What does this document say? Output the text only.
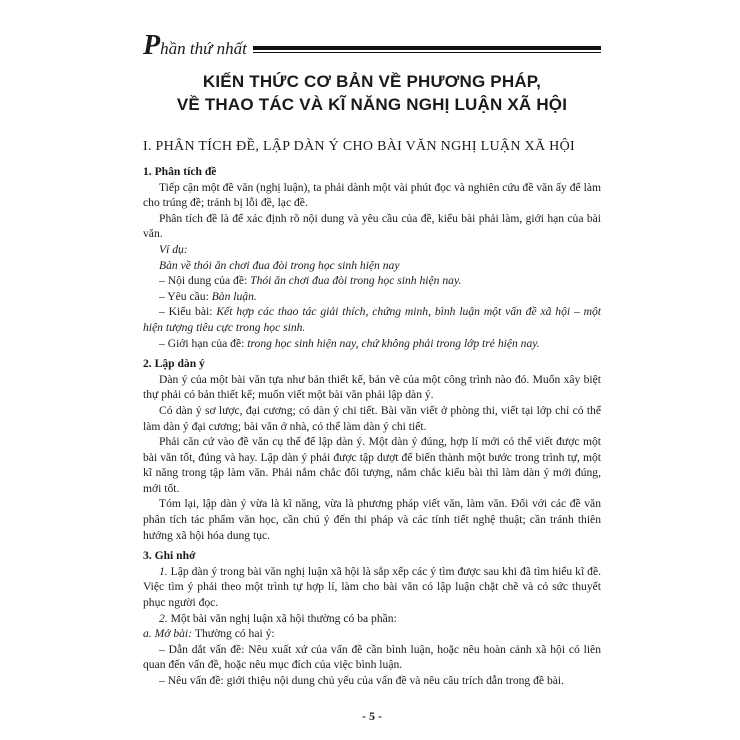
Phần thứ nhất
KIẾN THỨC CƠ BẢN VỀ PHƯƠNG PHÁP,
VỀ THAO TÁC VÀ KĨ NĂNG NGHỊ LUẬN XÃ HỘI
I. PHÂN TÍCH ĐỀ, LẬP DÀN Ý CHO BÀI VĂN NGHỊ LUẬN XÃ HỘI

1. Phân tích đề

Tiếp cận một đề văn (nghị luận), ta phải dành một vài phút đọc và nghiên cứu đề văn ấy để làm cho trúng đề; tránh bị lỗi đề, lạc đề.

Phân tích đề là để xác định rõ nội dung và yêu cầu của đề, kiểu bài phải làm, giới hạn của bài văn.

Ví dụ:

Bàn về thói ăn chơi đua đòi trong học sinh hiện nay

– Nội dung của đề: Thói ăn chơi đua đòi trong học sinh hiện nay.

– Yêu cầu: Bàn luận.

– Kiểu bài: Kết hợp các thao tác giải thích, chứng minh, bình luận một vấn đề xã hội – một hiện tượng tiêu cực trong học sinh.

– Giới hạn của đề: trong học sinh hiện nay, chứ không phải trong lớp trẻ hiện nay.

2. Lập dàn ý

Dàn ý của một bài văn tựa như bản thiết kế, bản vẽ của một công trình nào đó. Muốn xây biệt thự phải có bản thiết kế; muốn viết một bài văn phải lập dàn ý.

Có dàn ý sơ lược, đại cương; có dàn ý chi tiết. Bài văn viết ở phòng thi, viết tại lớp chỉ có thể làm dàn ý đại cương; bài văn ở nhà, có thể làm dàn ý chi tiết.

Phải căn cứ vào đề văn cụ thể để lập dàn ý. Một dàn ý đúng, hợp lí mới có thể viết được một bài văn tốt, đúng và hay. Lập dàn ý phải được tập dượt để biến thành một bước trong trình tự, một kĩ năng trong tập làm văn. Phải nắm chắc đối tượng, nắm chắc kiểu bài thì làm dàn ý mới đúng, mới tốt.

Tóm lại, lập dàn ý vừa là kĩ năng, vừa là phương pháp viết văn, làm văn. Đối với các đề văn phân tích tác phẩm văn học, cần chú ý đến thi pháp và các tính tiết nghệ thuật; cần tránh thiên hướng xã hội hóa dung tục.

3. Ghi nhớ

1. Lập dàn ý trong bài văn nghị luận xã hội là sắp xếp các ý tìm được sau khi đã tìm hiểu kĩ đề. Việc tìm ý phải theo một trình tự hợp lí, làm cho bài văn có lập luận chặt chẽ và có sức thuyết phục người đọc.

2. Một bài văn nghị luận xã hội thường có ba phần:

a. Mở bài: Thường có hai ý:

– Dẫn dắt vấn đề: Nêu xuất xứ của vấn đề cần bình luận, hoặc nêu hoàn cảnh xã hội có liên quan đến vấn đề, hoặc nêu mục đích của việc bình luận.

– Nêu vấn đề: giới thiệu nội dung chủ yếu của vấn đề và nêu câu trích dẫn trong đề bài.

- 5 -
